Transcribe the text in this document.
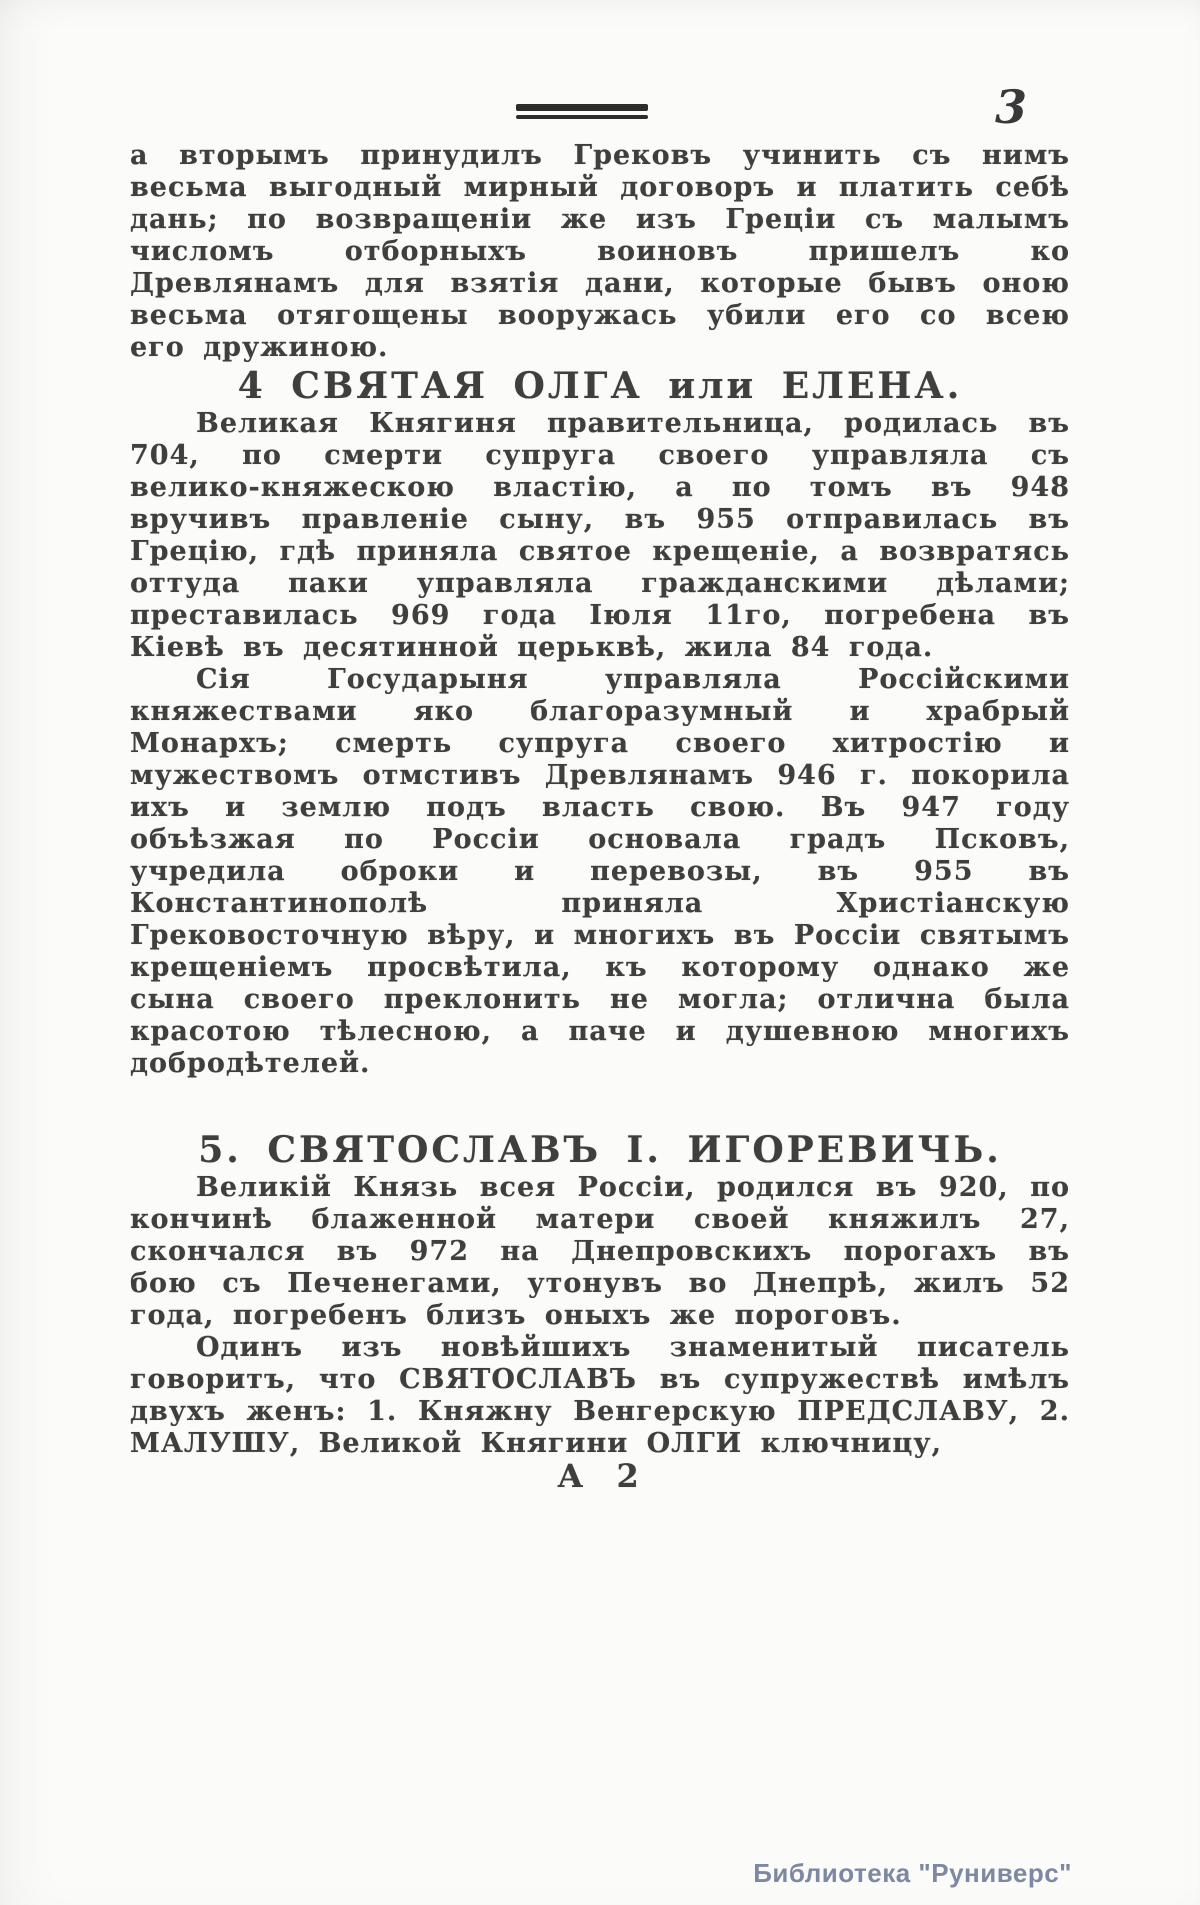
3

а вторымъ принудилъ Грековъ учинить съ нимъ весьма выгодный мирный договоръ и платить себѣ дань; по возвращеніи же изъ Греціи съ малымъ числомъ отборныхъ воиновъ пришелъ ко Древлянамъ для взятія дани, которые бывъ оною весьма отягощены вооружась убили его со всею его дружиною.

4 СВЯТАЯ ОЛГА или ЕЛЕНА.

Великая Княгиня правительница, родилась въ 704, по смерти супруга своего управляла съ велико-княжескою властію, а по томъ въ 948 вручивъ правленіе сыну, въ 955 отправилась въ Грецію, гдѣ приняла святое крещеніе, а возвратясь оттуда паки управляла гражданскими дѣлами; преставилась 969 года Іюля 11го, погребена въ Кіевѣ въ десятинной церьквѣ, жила 84 года.

Сія Государыня управляла Россійскими княжествами яко благоразумный и храбрый Монархъ; смерть супруга своего хитростію и мужествомъ отмстивъ Древлянамъ 946 г. покорила ихъ и землю подъ власть свою. Въ 947 году объѣзжая по Россіи основала градъ Псковъ, учредила оброки и перевозы, въ 955 въ Константинополѣ приняла Христіанскую Грековосточную вѣру, и многихъ въ Россіи святымъ крещеніемъ просвѣтила, къ которому однако же сына своего преклонить не могла; отлична была красотою тѣлесною, а паче и душевною многихъ добродѣтелей.

5. СВЯТОСЛАВЪ I. ИГОРЕВИЧЬ.

Великій Князь всея Россіи, родился въ 920, по кончинѣ блаженной матери своей княжилъ 27, скончался въ 972 на Днепровскихъ порогахъ въ бою съ Печенегами, утонувъ во Днепрѣ, жилъ 52 года, погребенъ близъ оныхъ же пороговъ.

Одинъ изъ новѣйшихъ знаменитый писатель говоритъ, что СВЯТОСЛАВЪ въ супружествѣ имѣлъ двухъ женъ: 1. Княжну Венгерскую ПРЕДСЛАВУ, 2. МАЛУШУ, Великой Княгини ОЛГИ ключницу,

А 2

Библиотека "Руниверс"
